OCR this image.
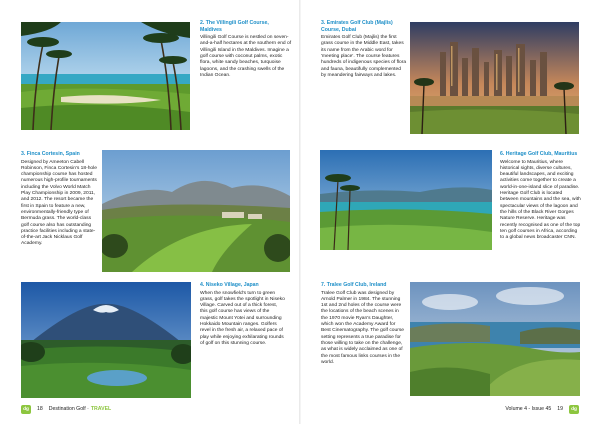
2. The Villingili Golf Course, Maldives
Villingili Golf Course is nestled on seven-and-a-half hectares at the southern end of Villingili Island in the Maldives. Imagine a golf course with coconut palms, exotic flora, white sandy beaches, turquoise lagoons, and the crashing swells of the Indian Ocean.
3. Emirates Golf Club (Majlis) Course, Dubai
Emirates Golf Club (Majlis) the first grass course in the Middle East, takes its name from the Arabic word for 'meeting place'. The course features hundreds of indigenous species of flora and fauna, beautifully complemented by meandering fairways and lakes.
3. Finca Cortesin, Spain
Designed by Ameeton Cabell Robinson, Finca Cortesin's 18-hole championship course has hosted numerous high-profile tournaments including the Volvo World Match Play Championship in 2009, 2011, and 2012. The resort became the first in Spain to feature a new, environmentally-friendly type of Bermuda grass. The world-class golf course also has outstanding practice facilities including a state-of-the-art Jack Nicklaus Golf Academy.
6. Heritage Golf Club, Mauritius
Welcome to Mauritius, where historical sights, diverse cultures, beautiful landscapes, and exciting activities come together to create a world-in-one-island slice of paradise. Heritage Golf Club is located between mountains and the sea, with spectacular views of the lagoon and the hills of the Black River Gorges Nature Reserve. Heritage was recently recognised as one of the top ten golf courses in Africa, according to a global news broadcaster CNN.
4. Niseko Village, Japan
When the snowfield's turn to green grass, golf takes the spotlight in Niseko Village. Carved out of a thick forest, this golf course has views of the majestic Mount Yotei and surrounding Hokkaido Mountain ranges. Golfers revel in the fresh air, a relaxed pace of play while enjoying exhilarating rounds of golf on this stunning course.
7. Tralee Golf Club, Ireland
Tralee Golf Club was designed by Arnold Palmer in 1984. The stunning 1st and 2nd holes of the course were the locations of the beach scenes in the 1970 movie Ryan's Daughter, which won the Academy Award for Best Cinematography. The golf course setting represents a true paradise for those willing to take on the challenge, as what is widely acclaimed as one of the most famous links courses in the world.
dg	18 Destination Golf · TRAVEL	Volume 4 - Issue 45 19	dg
